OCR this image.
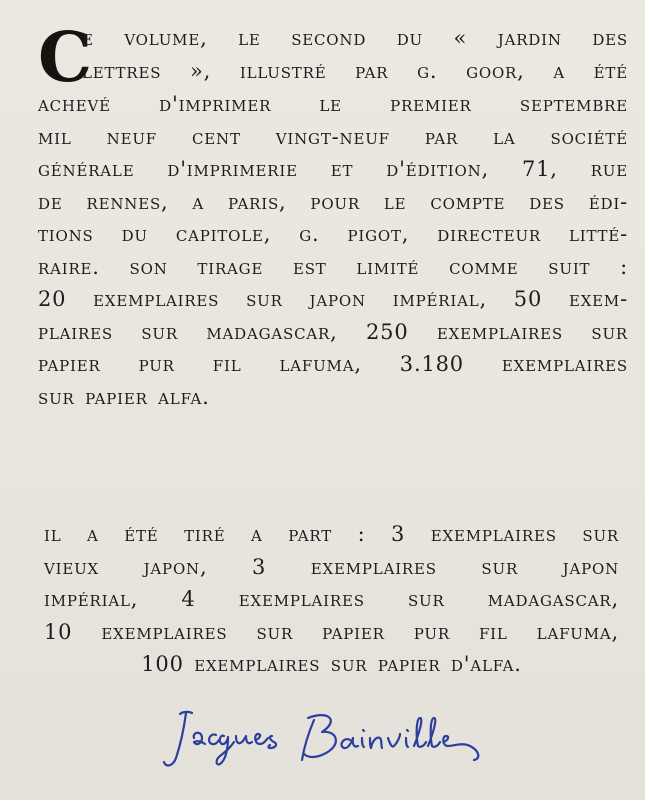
C
e volume, le second du « jardin des
lettres », illustré par g. goor, a été
achevé d'imprimer le premier septembre
mil neuf cent vingt-neuf par la société
générale d'imprimerie et d'édition, 71, rue
de rennes, a paris, pour le compte des édi-
tions du capitole, g. pigot, directeur litté-
raire. son tirage est limité comme suit :
20 exemplaires sur japon impérial, 50 exem-
plaires sur madagascar, 250 exemplaires sur
papier pur fil lafuma, 3.180 exemplaires
sur papier alfa.
il a été tiré a part : 3 exemplaires sur
vieux japon, 3 exemplaires sur japon
impérial, 4 exemplaires sur madagascar,
10 exemplaires sur papier pur fil lafuma,
100 exemplaires sur papier d'alfa.
